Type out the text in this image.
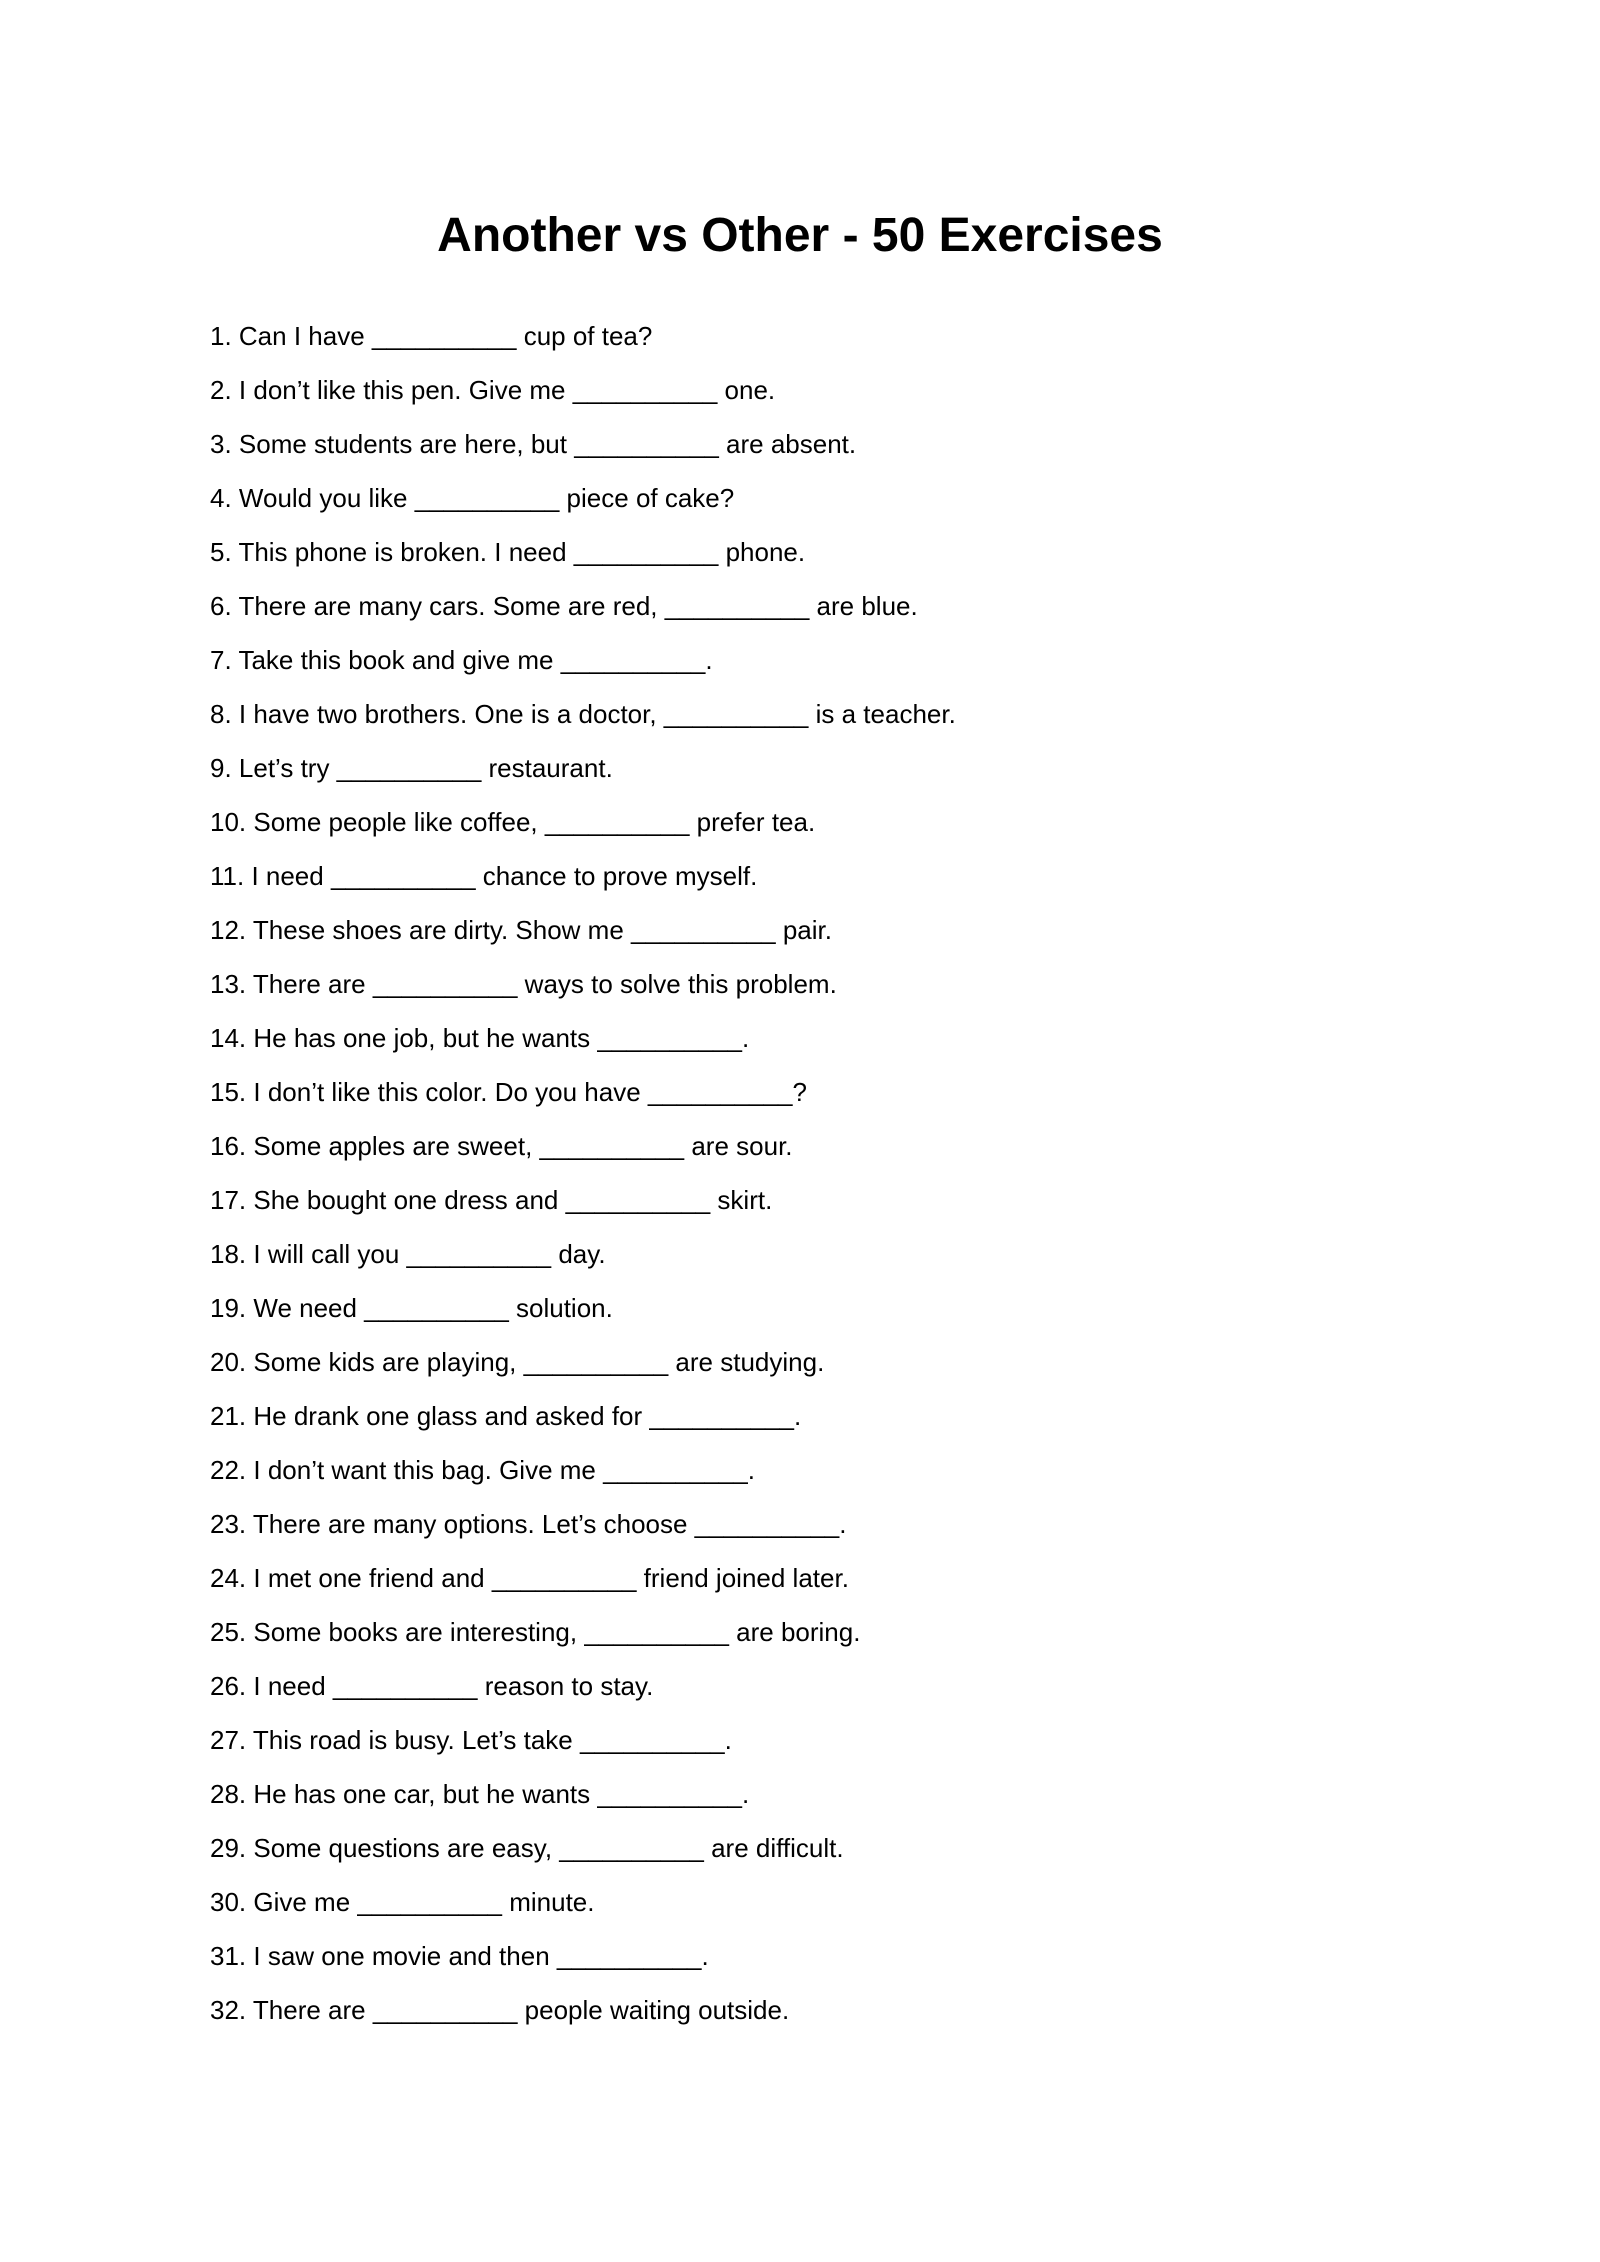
Another vs Other - 50 Exercises
1. Can I have __________ cup of tea?
2. I don’t like this pen. Give me __________ one.
3. Some students are here, but __________ are absent.
4. Would you like __________ piece of cake?
5. This phone is broken. I need __________ phone.
6. There are many cars. Some are red, __________ are blue.
7. Take this book and give me __________.
8. I have two brothers. One is a doctor, __________ is a teacher.
9. Let’s try __________ restaurant.
10. Some people like coffee, __________ prefer tea.
11. I need __________ chance to prove myself.
12. These shoes are dirty. Show me __________ pair.
13. There are __________ ways to solve this problem.
14. He has one job, but he wants __________.
15. I don’t like this color. Do you have __________?
16. Some apples are sweet, __________ are sour.
17. She bought one dress and __________ skirt.
18. I will call you __________ day.
19. We need __________ solution.
20. Some kids are playing, __________ are studying.
21. He drank one glass and asked for __________.
22. I don’t want this bag. Give me __________.
23. There are many options. Let’s choose __________.
24. I met one friend and __________ friend joined later.
25. Some books are interesting, __________ are boring.
26. I need __________ reason to stay.
27. This road is busy. Let’s take __________.
28. He has one car, but he wants __________.
29. Some questions are easy, __________ are difficult.
30. Give me __________ minute.
31. I saw one movie and then __________.
32. There are __________ people waiting outside.
